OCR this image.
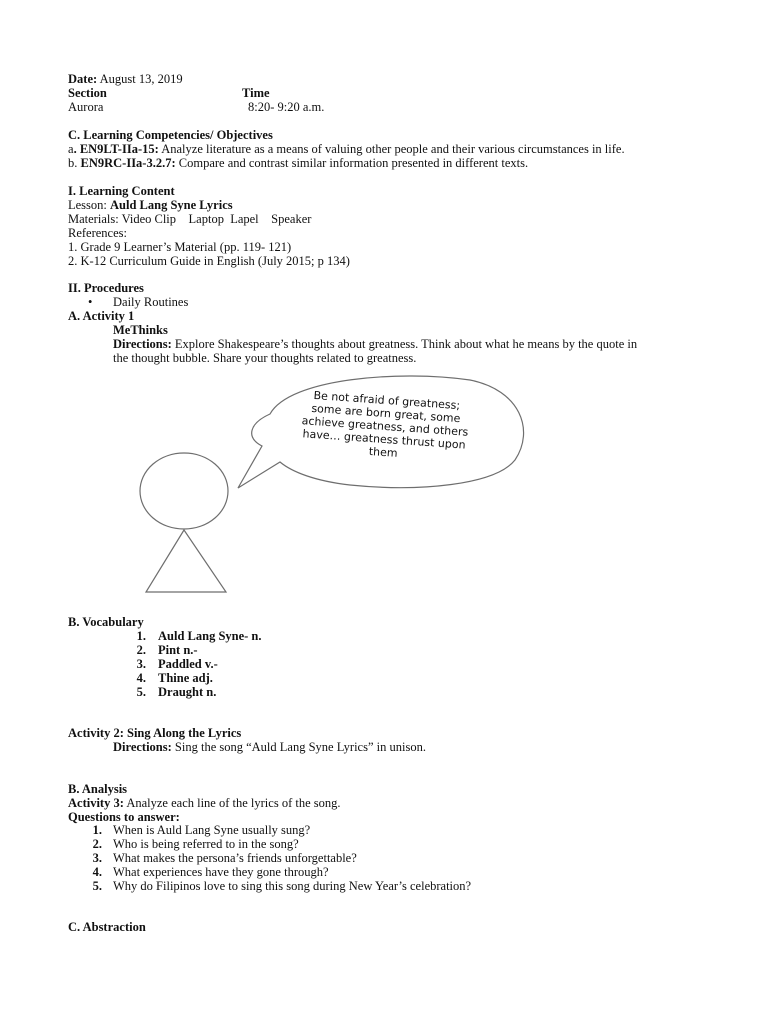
Date: August 13, 2019
Section	Time
Aurora	8:20- 9:20 a.m.
C. Learning Competencies/ Objectives
a. EN9LT-IIa-15: Analyze literature as a means of valuing other people and their various circumstances in life.
b. EN9RC-IIa-3.2.7: Compare and contrast similar information presented in different texts.
I. Learning Content
Lesson: Auld Lang Syne Lyrics
Materials: Video Clip    Laptop  Lapel    Speaker
References:
1. Grade 9 Learner’s Material (pp. 119- 121)
2. K-12 Curriculum Guide in English (July 2015; p 134)
II. Procedures
• Daily Routines
A. Activity 1
MeThinks
Directions: Explore Shakespeare’s thoughts about greatness. Think about what he means by the quote in
the thought bubble. Share your thoughts related to greatness.
Be not afraid of greatness;
some are born great, some
achieve greatness, and others
have… greatness thrust upon
them
B. Vocabulary
1. Auld Lang Syne- n.
2. Pint n.-
3. Paddled v.-
4. Thine adj.
5. Draught n.
Activity 2: Sing Along the Lyrics
Directions: Sing the song “Auld Lang Syne Lyrics” in unison.
B. Analysis
Activity 3: Analyze each line of the lyrics of the song.
Questions to answer:
1. When is Auld Lang Syne usually sung?
2. Who is being referred to in the song?
3. What makes the persona’s friends unforgettable?
4. What experiences have they gone through?
5. Why do Filipinos love to sing this song during New Year’s celebration?
C. Abstraction
